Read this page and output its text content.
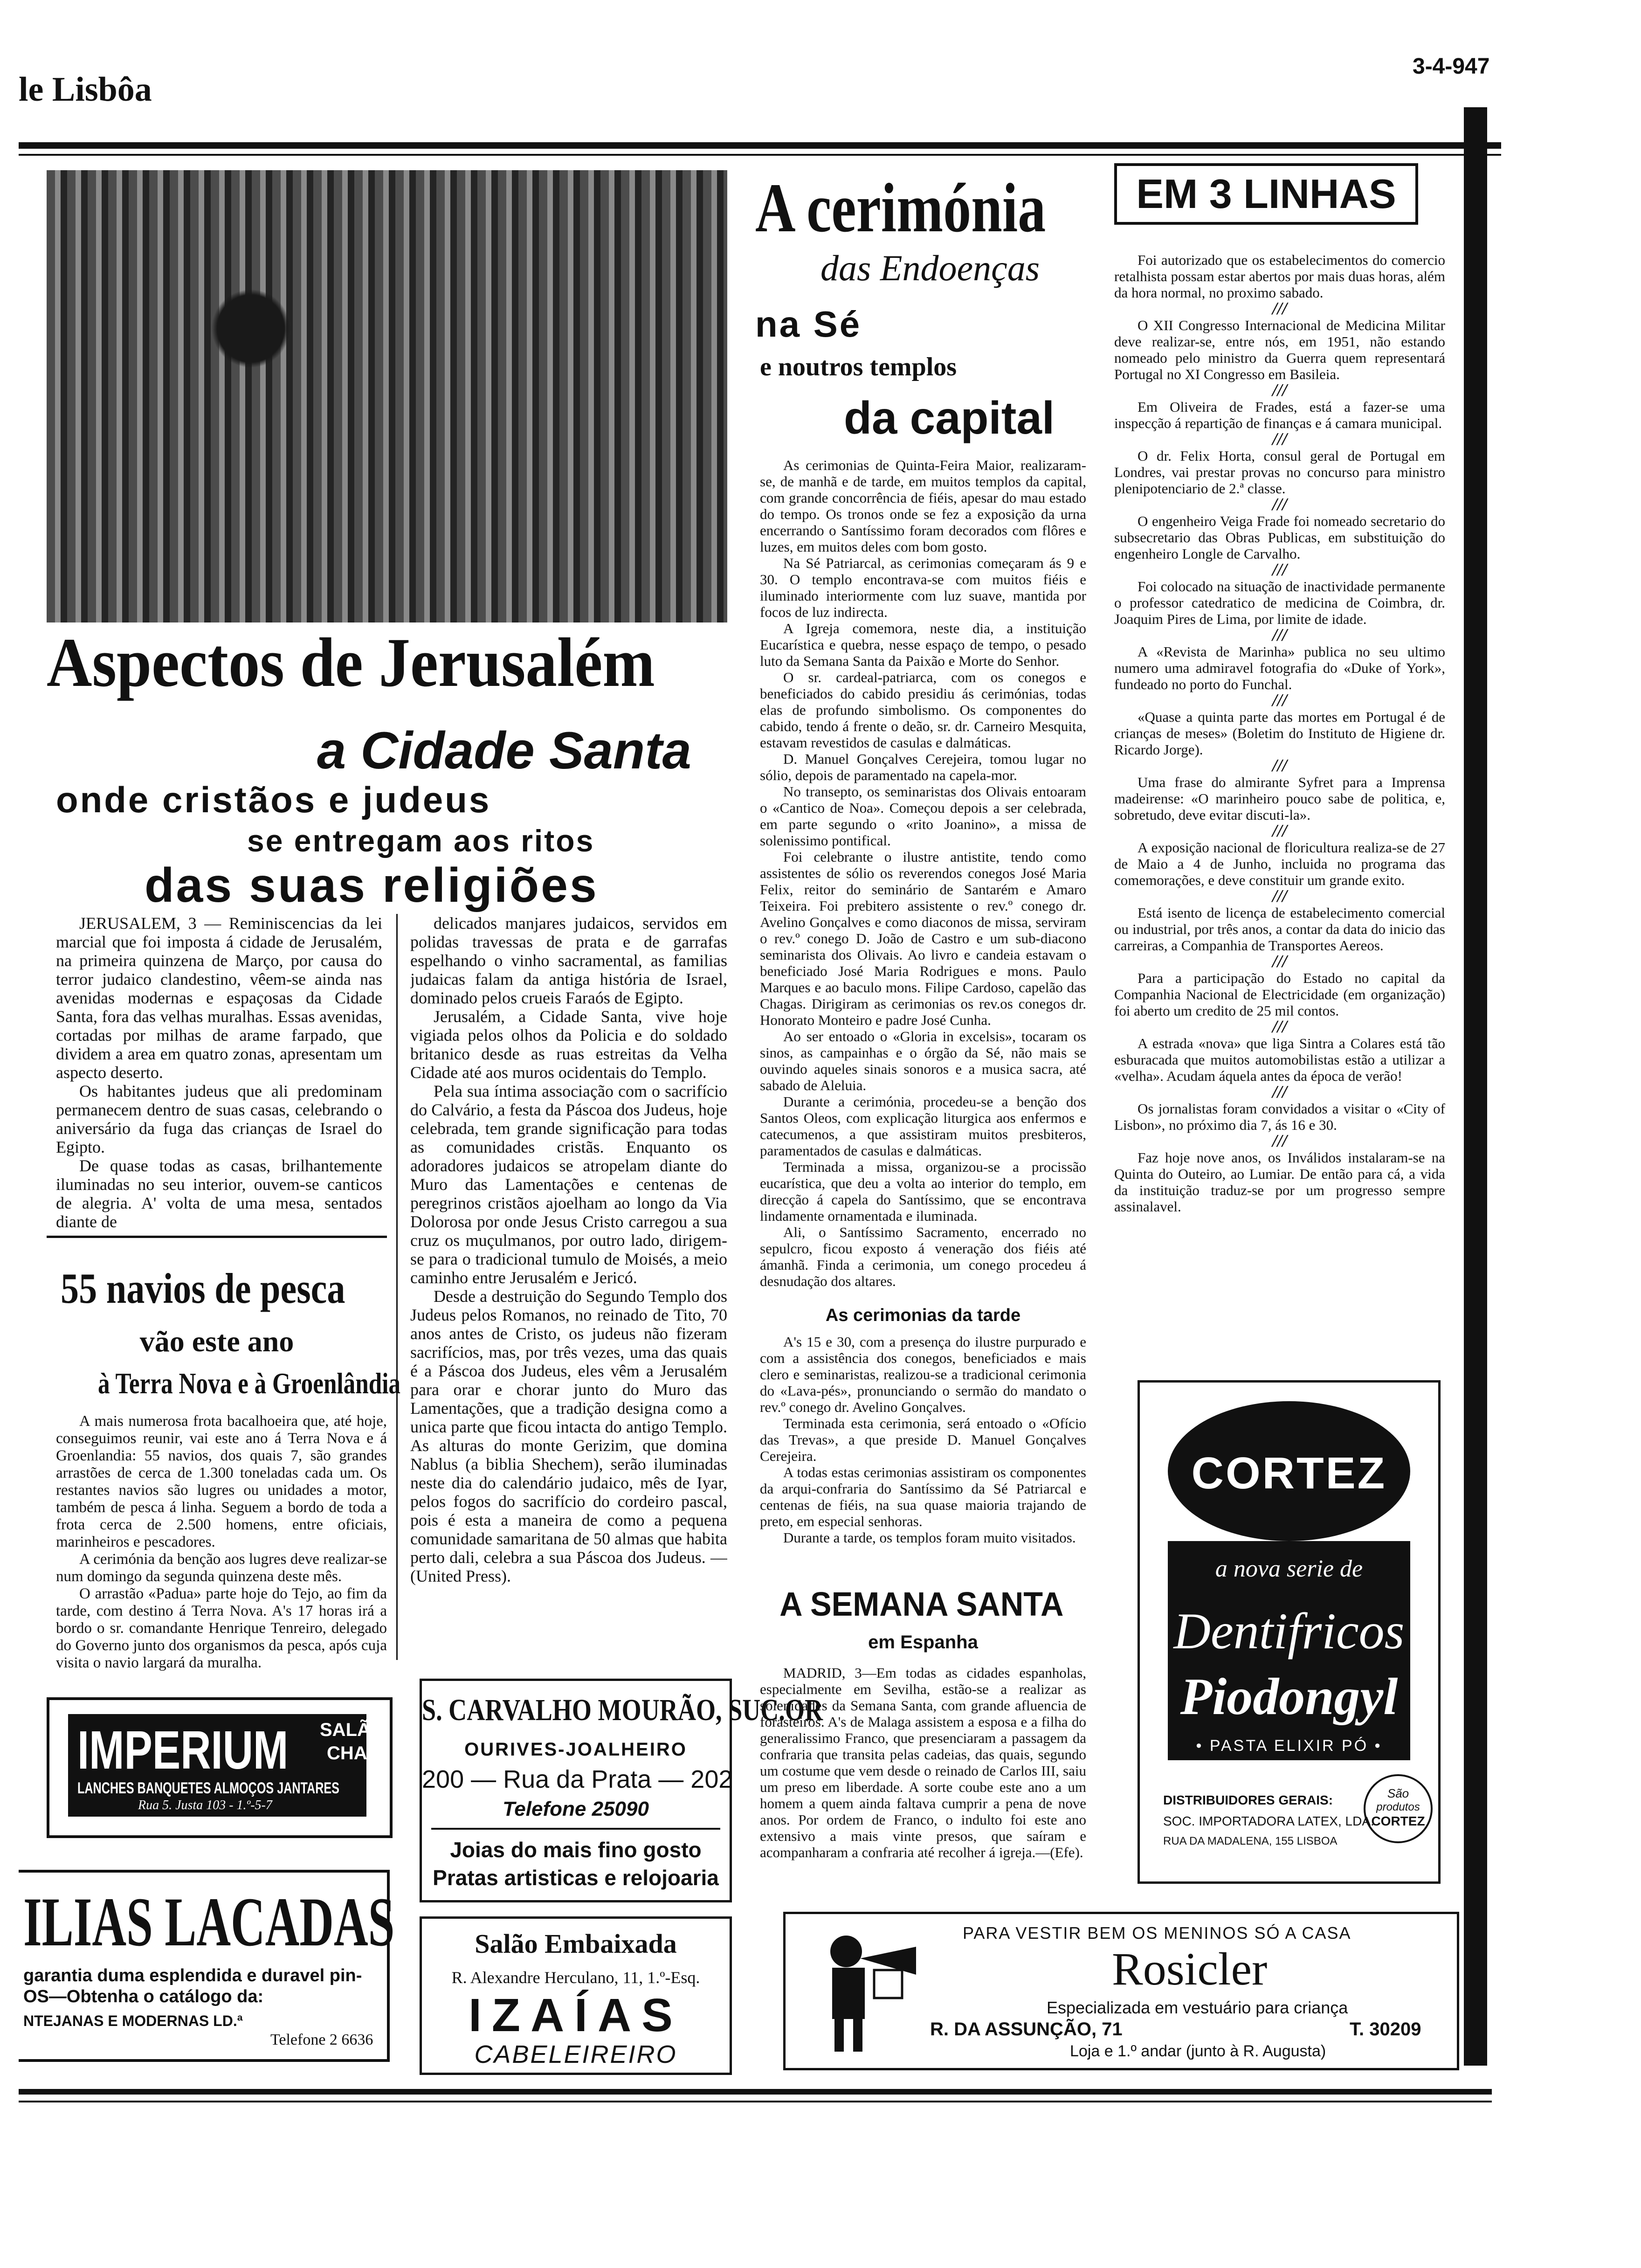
le Lisbôa
3-4-947
Aspectos de Jerusalém
a Cidade Santa
onde cristãos e judeus
se entregam aos ritos
das suas religiões

JERUSALEM, 3 — Reminiscencias da lei marcial que foi imposta á cidade de Jerusalém, na primeira quinzena de Março, por causa do terror judaico clandestino, vêem-se ainda nas avenidas modernas e espaçosas da Cidade Santa, fora das velhas muralhas. Essas avenidas, cortadas por milhas de arame farpado, que dividem a area em quatro zonas, apresentam um aspecto deserto.

Os habitantes judeus que ali predominam permanecem dentro de suas casas, celebrando o aniversário da fuga das crianças de Israel do Egipto.

De quase todas as casas, brilhantemente iluminadas no seu interior, ouvem-se canticos de alegria. A' volta de uma mesa, sentados diante de

delicados manjares judaicos, servidos em polidas travessas de prata e de garrafas espelhando o vinho sacramental, as familias judaicas falam da antiga história de Israel, dominado pelos crueis Faraós de Egipto.

Jerusalém, a Cidade Santa, vive hoje vigiada pelos olhos da Policia e do soldado britanico desde as ruas estreitas da Velha Cidade até aos muros ocidentais do Templo.

Pela sua íntima associação com o sacrifício do Calvário, a festa da Páscoa dos Judeus, hoje celebrada, tem grande significação para todas as comunidades cristãs. Enquanto os adoradores judaicos se atropelam diante do Muro das Lamentações e centenas de peregrinos cristãos ajoelham ao longo da Via Dolorosa por onde Jesus Cristo carregou a sua cruz os muçulmanos, por outro lado, dirigem-se para o tradicional tumulo de Moisés, a meio caminho entre Jerusalém e Jericó.

Desde a destruição do Segundo Templo dos Judeus pelos Romanos, no reinado de Tito, 70 anos antes de Cristo, os judeus não fizeram sacrifícios, mas, por três vezes, uma das quais é a Páscoa dos Judeus, eles vêm a Jerusalém para orar e chorar junto do Muro das Lamentações, que a tradição designa como a unica parte que ficou intacta do antigo Templo. As alturas do monte Gerizim, que domina Nablus (a biblia Shechem), serão iluminadas neste dia do calendário judaico, mês de Iyar, pelos fogos do sacrifício do cordeiro pascal, pois é esta a maneira de como a pequena comunidade samaritana de 50 almas que habita perto dali, celebra a sua Páscoa dos Judeus. — (United Press).

55 navios de pesca
vão este ano
à Terra Nova e à Groenlândia

A mais numerosa frota bacalhoeira que, até hoje, conseguimos reunir, vai este ano á Terra Nova e á Groenlandia: 55 navios, dos quais 7, são grandes arrastões de cerca de 1.300 toneladas cada um. Os restantes navios são lugres ou unidades a motor, também de pesca á linha. Seguem a bordo de toda a frota cerca de 2.500 homens, entre oficiais, marinheiros e pescadores.

A cerimónia da benção aos lugres deve realizar-se num domingo da segunda quinzena deste mês.

O arrastão «Padua» parte hoje do Tejo, ao fim da tarde, com destino á Terra Nova. A's 17 horas irá a bordo o sr. comandante Henrique Tenreiro, delegado do Governo junto dos organismos da pesca, após cuja visita o navio largará da muralha.

IMPERIUM SALÃO
CHA
LANCHES BANQUETES ALMOÇOS JANTARES
Rua 5. Justa 103 - 1.º-5-7
S. CARVALHO MOURÃO, SUC.OR
OURIVES-JOALHEIRO
200 — Rua da Prata — 202
Telefone 25090
Joias do mais fino gosto
Pratas artisticas e relojoaria
ILIAS LACADAS
garantia duma esplendida e duravel pin-
OS—Obtenha o catálogo da:
NTEJANAS E MODERNAS LD.ª
Telefone 2 6636
Salão Embaixada
R. Alexandre Herculano, 11, 1.º-Esq.
IZAÍAS
CABELEIREIRO
A cerimónia
das Endoenças
na Sé
e noutros templos
da capital

As cerimonias de Quinta-Feira Maior, realizaram-se, de manhã e de tarde, em muitos templos da capital, com grande concorrência de fiéis, apesar do mau estado do tempo. Os tronos onde se fez a exposição da urna encerrando o Santíssimo foram decorados com flôres e luzes, em muitos deles com bom gosto.

Na Sé Patriarcal, as cerimonias começaram ás 9 e 30. O templo encontrava-se com muitos fiéis e iluminado interiormente com luz suave, mantida por focos de luz indirecta.

A Igreja comemora, neste dia, a instituição Eucarística e quebra, nesse espaço de tempo, o pesado luto da Semana Santa da Paixão e Morte do Senhor.

O sr. cardeal-patriarca, com os conegos e beneficiados do cabido presidiu ás cerimónias, todas elas de profundo simbolismo. Os componentes do cabido, tendo á frente o deão, sr. dr. Carneiro Mesquita, estavam revestidos de casulas e dalmáticas.

D. Manuel Gonçalves Cerejeira, tomou lugar no sólio, depois de paramentado na capela-mor.

No transepto, os seminaristas dos Olivais entoaram o «Cantico de Noa». Começou depois a ser celebrada, em parte segundo o «rito Joanino», a missa de solenissimo pontifical.

Foi celebrante o ilustre antistite, tendo como assistentes de sólio os reverendos conegos José Maria Felix, reitor do seminário de Santarém e Amaro Teixeira. Foi prebitero assistente o rev.º conego dr. Avelino Gonçalves e como diaconos de missa, serviram o rev.º conego D. João de Castro e um sub-diacono seminarista dos Olivais. Ao livro e candeia estavam o beneficiado José Maria Rodrigues e mons. Paulo Marques e ao baculo mons. Filipe Cardoso, capelão das Chagas. Dirigiram as cerimonias os rev.os conegos dr. Honorato Monteiro e padre José Cunha.

Ao ser entoado o «Gloria in excelsis», tocaram os sinos, as campainhas e o órgão da Sé, não mais se ouvindo aqueles sinais sonoros e a musica sacra, até sabado de Aleluia.

Durante a cerimónia, procedeu-se a benção dos Santos Oleos, com explicação liturgica aos enfermos e catecumenos, a que assistiram muitos presbiteros, paramentados de casulas e dalmáticas.

Terminada a missa, organizou-se a procissão eucarística, que deu a volta ao interior do templo, em direcção á capela do Santíssimo, que se encontrava lindamente ornamentada e iluminada.

Ali, o Santíssimo Sacramento, encerrado no sepulcro, ficou exposto á veneração dos fiéis até ámanhã. Finda a cerimonia, um conego procedeu á desnudação dos altares.

As cerimonias da tarde

A's 15 e 30, com a presença do ilustre purpurado e com a assistência dos conegos, beneficiados e mais clero e seminaristas, realizou-se a tradicional cerimonia do «Lava-pés», pronunciando o sermão do mandato o rev.º conego dr. Avelino Gonçalves.

Terminada esta cerimonia, será entoado o «Ofício das Trevas», a que preside D. Manuel Gonçalves Cerejeira.

A todas estas cerimonias assistiram os componentes da arqui-confraria do Santíssimo da Sé Patriarcal e centenas de fiéis, na sua quase maioria trajando de preto, em especial senhoras.

Durante a tarde, os templos foram muito visitados.

A SEMANA SANTA
em Espanha

MADRID, 3—Em todas as cidades espanholas, especialmente em Sevilha, estão-se a realizar as solenidades da Semana Santa, com grande afluencia de forasteiros. A's de Malaga assistem a esposa e a filha do generalissimo Franco, que presenciaram a passagem da confraria que transita pelas cadeias, das quais, segundo um costume que vem desde o reinado de Carlos III, saiu um preso em liberdade. A sorte coube este ano a um homem a quem ainda faltava cumprir a pena de nove anos. Por ordem de Franco, o indulto foi este ano extensivo a mais vinte presos, que saíram e acompanharam a confraria até recolher á igreja.—(Efe).

EM 3 LINHAS

Foi autorizado que os estabelecimentos do comercio retalhista possam estar abertos por mais duas horas, além da hora normal, no proximo sabado.

///

O XII Congresso Internacional de Medicina Militar deve realizar-se, entre nós, em 1951, não estando nomeado pelo ministro da Guerra quem representará Portugal no XI Congresso em Basileia.

///

Em Oliveira de Frades, está a fazer-se uma inspecção á repartição de finanças e á camara municipal.

///

O dr. Felix Horta, consul geral de Portugal em Londres, vai prestar provas no concurso para ministro plenipotenciario de 2.ª classe.

///

O engenheiro Veiga Frade foi nomeado secretario do subsecretario das Obras Publicas, em substituição do engenheiro Longle de Carvalho.

///

Foi colocado na situação de inactividade permanente o professor catedratico de medicina de Coimbra, dr. Joaquim Pires de Lima, por limite de idade.

///

A «Revista de Marinha» publica no seu ultimo numero uma admiravel fotografia do «Duke of York», fundeado no porto do Funchal.

///

«Quase a quinta parte das mortes em Portugal é de crianças de meses» (Boletim do Instituto de Higiene dr. Ricardo Jorge).

///

Uma frase do almirante Syfret para a Imprensa madeirense: «O marinheiro pouco sabe de politica, e, sobretudo, deve evitar discuti-la».

///

A exposição nacional de floricultura realiza-se de 27 de Maio a 4 de Junho, incluida no programa das comemorações, e deve constituir um grande exito.

///

Está isento de licença de estabelecimento comercial ou industrial, por três anos, a contar da data do inicio das carreiras, a Companhia de Transportes Aereos.

///

Para a participação do Estado no capital da Companhia Nacional de Electricidade (em organização) foi aberto um credito de 25 mil contos.

///

A estrada «nova» que liga Sintra a Colares está tão esburacada que muitos automobilistas estão a utilizar a «velha». Acudam áquela antes da época de verão!

///

Os jornalistas foram convidados a visitar o «City of Lisbon», no próximo dia 7, ás 16 e 30.

///

Faz hoje nove anos, os Inválidos instalaram-se na Quinta do Outeiro, ao Lumiar. De então para cá, a vida da instituição traduz-se por um progresso sempre assinalavel.

CORTEZ
a nova serie de
Dentifricos
Piodongyl
• PASTA ELIXIR PÓ •
DISTRIBUIDORES GERAIS:
SOC. IMPORTADORA LATEX, LDA.
RUA DA MADALENA, 155 LISBOA
São
produtos
CORTEZ
PARA VESTIR BEM OS MENINOS SÓ A CASA
Rosicler
Especializada em vestuário para criança
R. DA ASSUNÇÃO, 71	T. 30209
Loja e 1.º andar (junto à R. Augusta)
